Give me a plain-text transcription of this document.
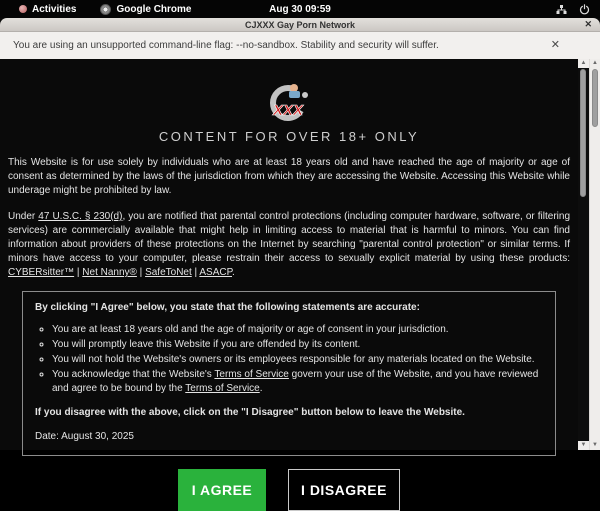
Activities	Google Chrome	Aug 30 09:59
CJXXX Gay Porn Network	✕
You are using an unsupported command-line flag: --no-sandbox. Stability and security will suffer.	✕
XXX
CONTENT FOR OVER 18+ ONLY

This Website is for use solely by individuals who are at least 18 years old and have reached the age of majority or age of consent as determined by the laws of the jurisdiction from which they are accessing the Website. Accessing this Website while underage might be prohibited by law.

Under 47 U.S.C. § 230(d), you are notified that parental control protections (including computer hardware, software, or filtering services) are commercially available that might help in limiting access to material that is harmful to minors. You can find information about providers of these protections on the Internet by searching "parental control protection" or similar terms. If minors have access to your computer, please restrain their access to sexually explicit material by using these products: CYBERsitter™ | Net Nanny® | SafeToNet | ASACP.

By clicking "I Agree" below, you state that the following statements are accurate:
◦ You are at least 18 years old and the age of majority or age of consent in your jurisdiction.
◦ You will promptly leave this Website if you are offended by its content.
◦ You will not hold the Website's owners or its employees responsible for any materials located on the Website.
◦ You acknowledge that the Website's Terms of Service govern your use of the Website, and you have reviewed and agree to be bound by the Terms of Service.
If you disagree with the above, click on the "I Disagree" button below to leave the Website.
Date: August 30, 2025
I AGREE	I DISAGREE
▲
▼
▲
▼
